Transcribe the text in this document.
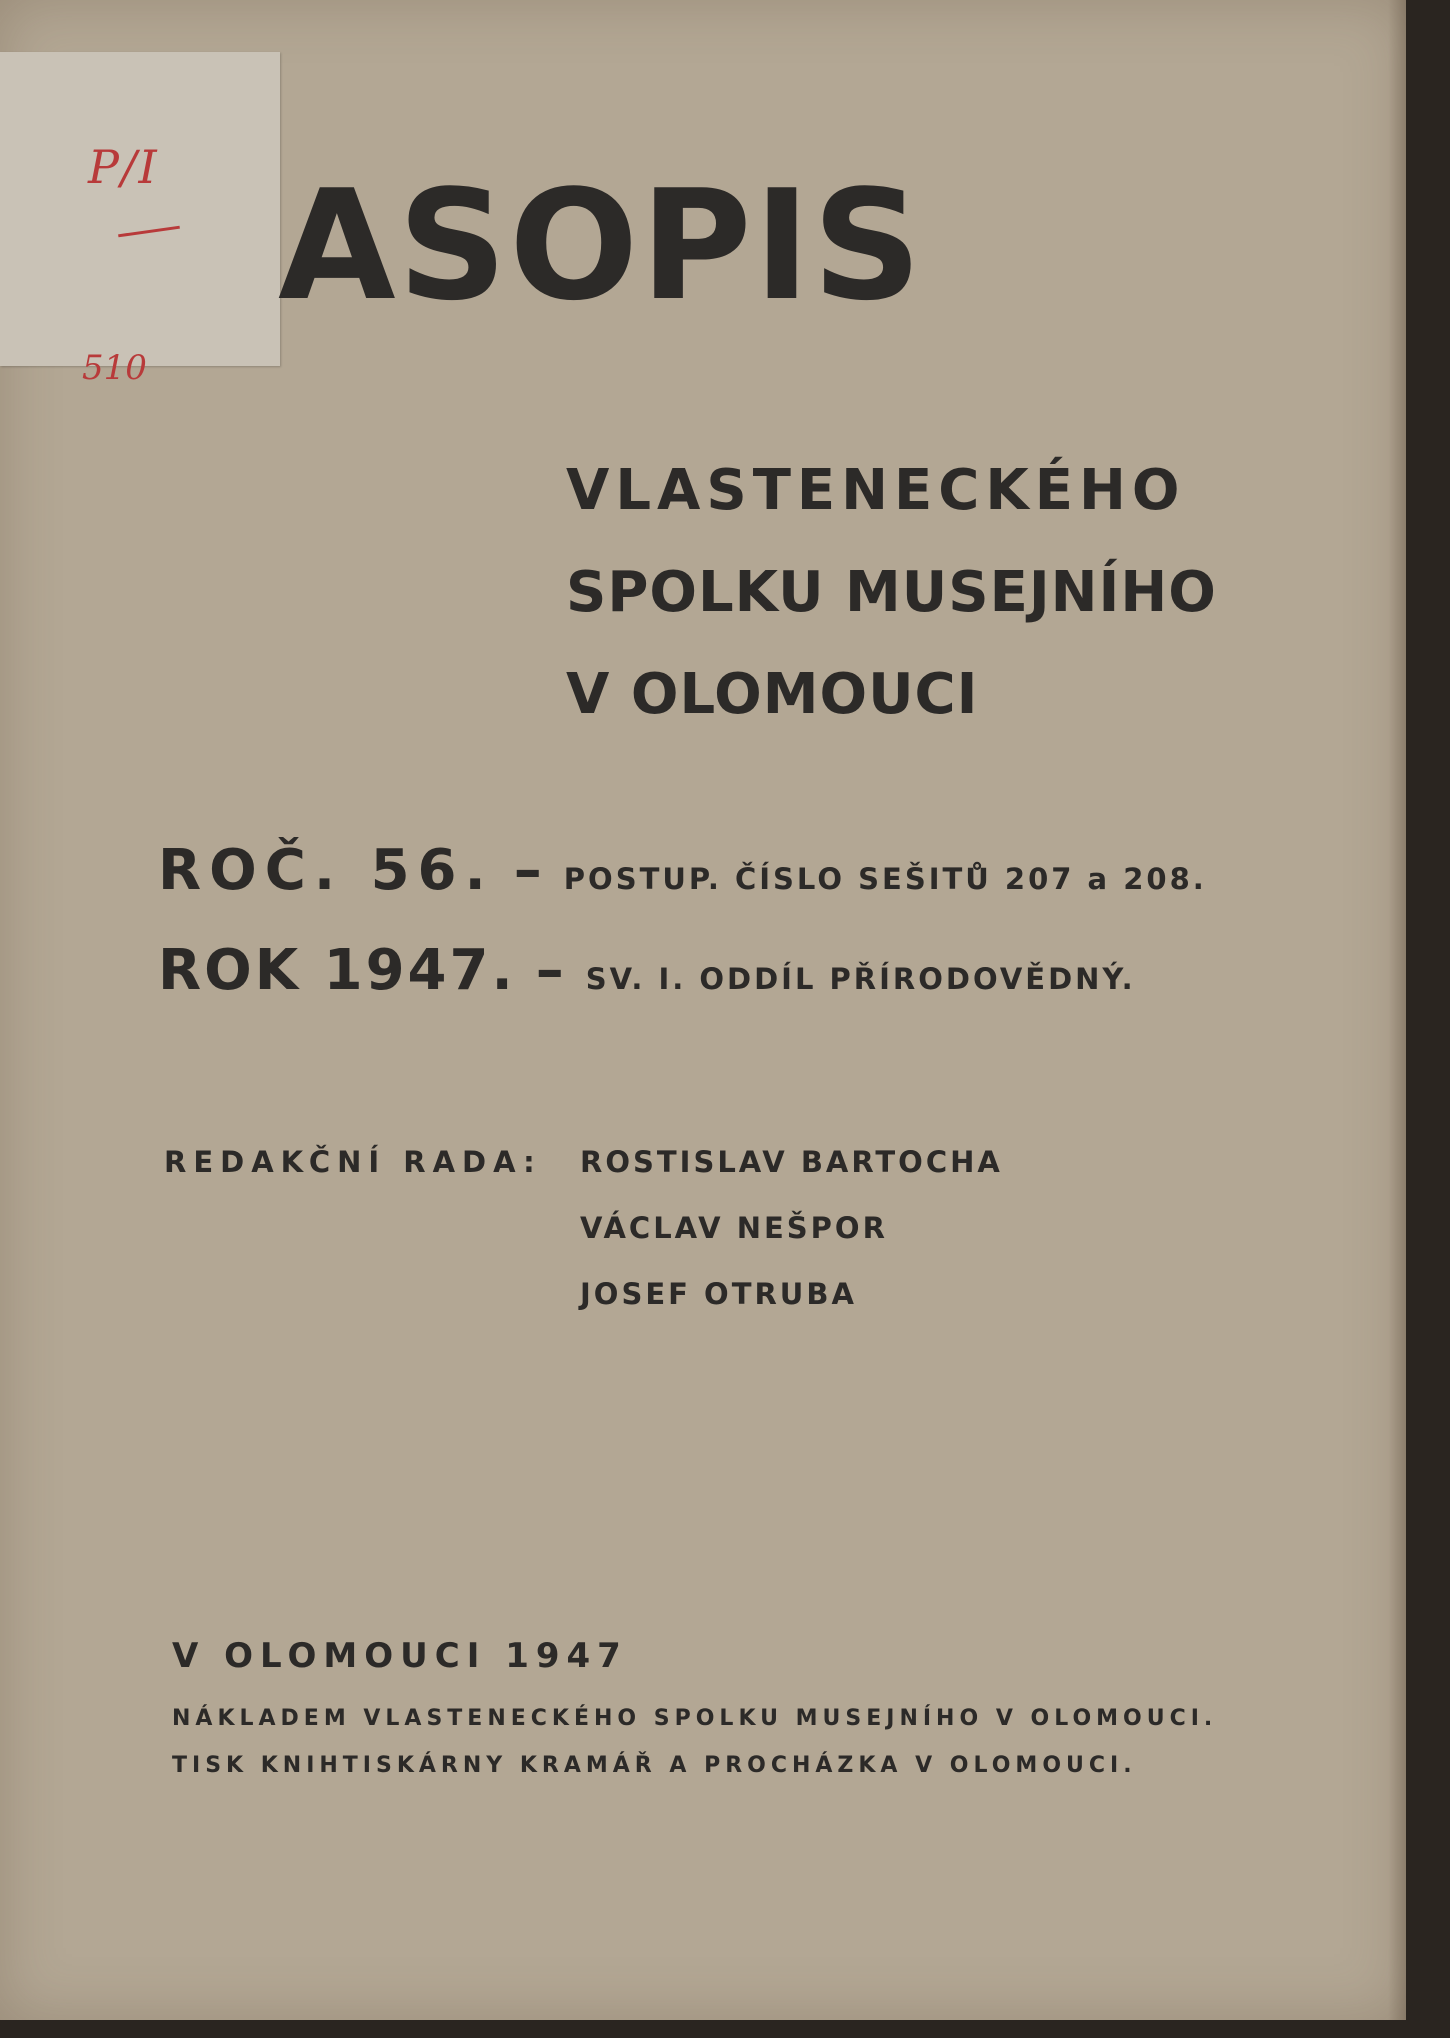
P/I
510
ASOPIS
VLASTENECKÉHO
SPOLKU MUSEJNÍHO
V OLOMOUCI
ROČ. 56. – POSTUP. ČÍSLO SEŠITŮ 207 a 208.
ROK 1947. – SV. I. ODDÍL PŘÍRODOVĚDNÝ.
REDAKČNÍ RADA: ROSTISLAV BARTOCHA
VÁCLAV NEŠPOR
JOSEF OTRUBA
V OLOMOUCI 1947
NÁKLADEM VLASTENECKÉHO SPOLKU MUSEJNÍHO V OLOMOUCI.
TISK KNIHTISKÁRNY KRAMÁŘ A PROCHÁZKA V OLOMOUCI.
